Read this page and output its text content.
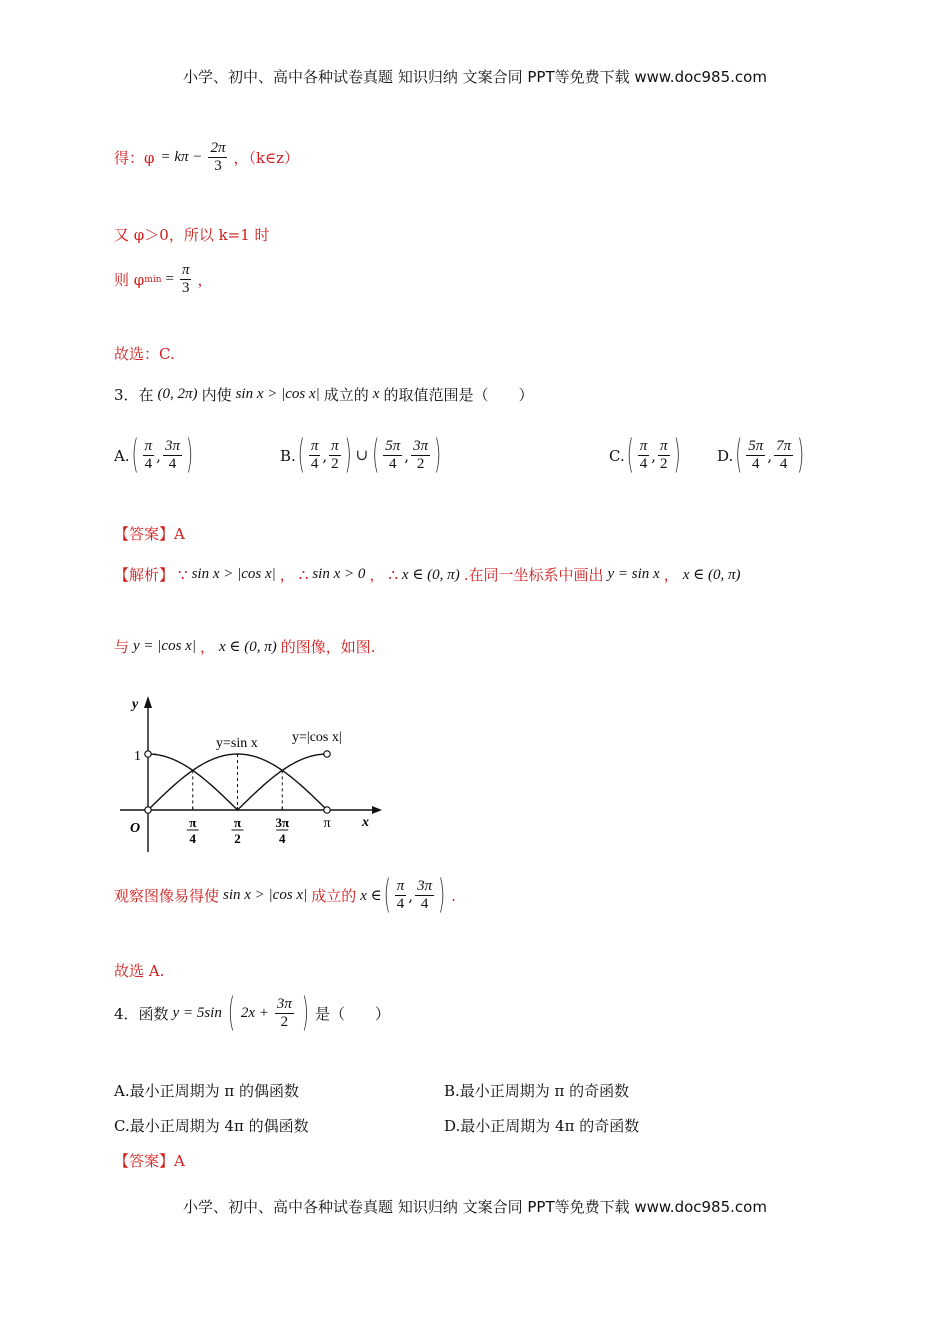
小学、初中、高中各种试卷真题 知识归纳 文案合同 PPT等免费下载 www.doc985.com
得：$\varphi = k\pi - \frac{2\pi}{3}$ ，（k∈z）
又 φ＞0，所以 k=1 时
则 φ $\min = \frac{\pi}{3}$ ，
故选：C.
3．在 (0, 2π) 内使 sin x > |cos x| 成立的 x 的取值范围是（　　）
A. ( $\frac{\pi}{4}$ , $\frac{3\pi}{4}$ )	B. ( $\frac{\pi}{4}$ , $\frac{\pi}{2}$ ) ∪ ( $\frac{5\pi}{4}$ , $\frac{3\pi}{2}$ )	C. ( $\frac{\pi}{4}$ , $\frac{\pi}{2}$ ) D. ( $\frac{5\pi}{4}$ , $\frac{7\pi}{4}$ )
【答案】A
【解析】 ∵ sin x > |cos x| ， ∴ sin x > 0 ， ∴ x ∈ (0, π) .在同一坐标系中画出 y = sin x ， x ∈ (0, π)
与 y = |cos x| ， x ∈ (0, π) 的图像，如图.
y
x
O
1
y=sin x y=|cos x|
π
4
π
2
3π
4
π
观察图像易得使 sin x > |cos x| 成立的 x ∈ ( $\frac{\pi}{4}$ , $\frac{3\pi}{4}$ ) .
故选 A.
4．函数 y = 5sin ( $2x + \frac{3\pi}{2}$ ) 是（　　）
A.最小正周期为 π 的偶函数	B.最小正周期为 π 的奇函数
C.最小正周期为 4π 的偶函数	D.最小正周期为 4π 的奇函数
【答案】A
小学、初中、高中各种试卷真题 知识归纳 文案合同 PPT等免费下载 www.doc985.com
